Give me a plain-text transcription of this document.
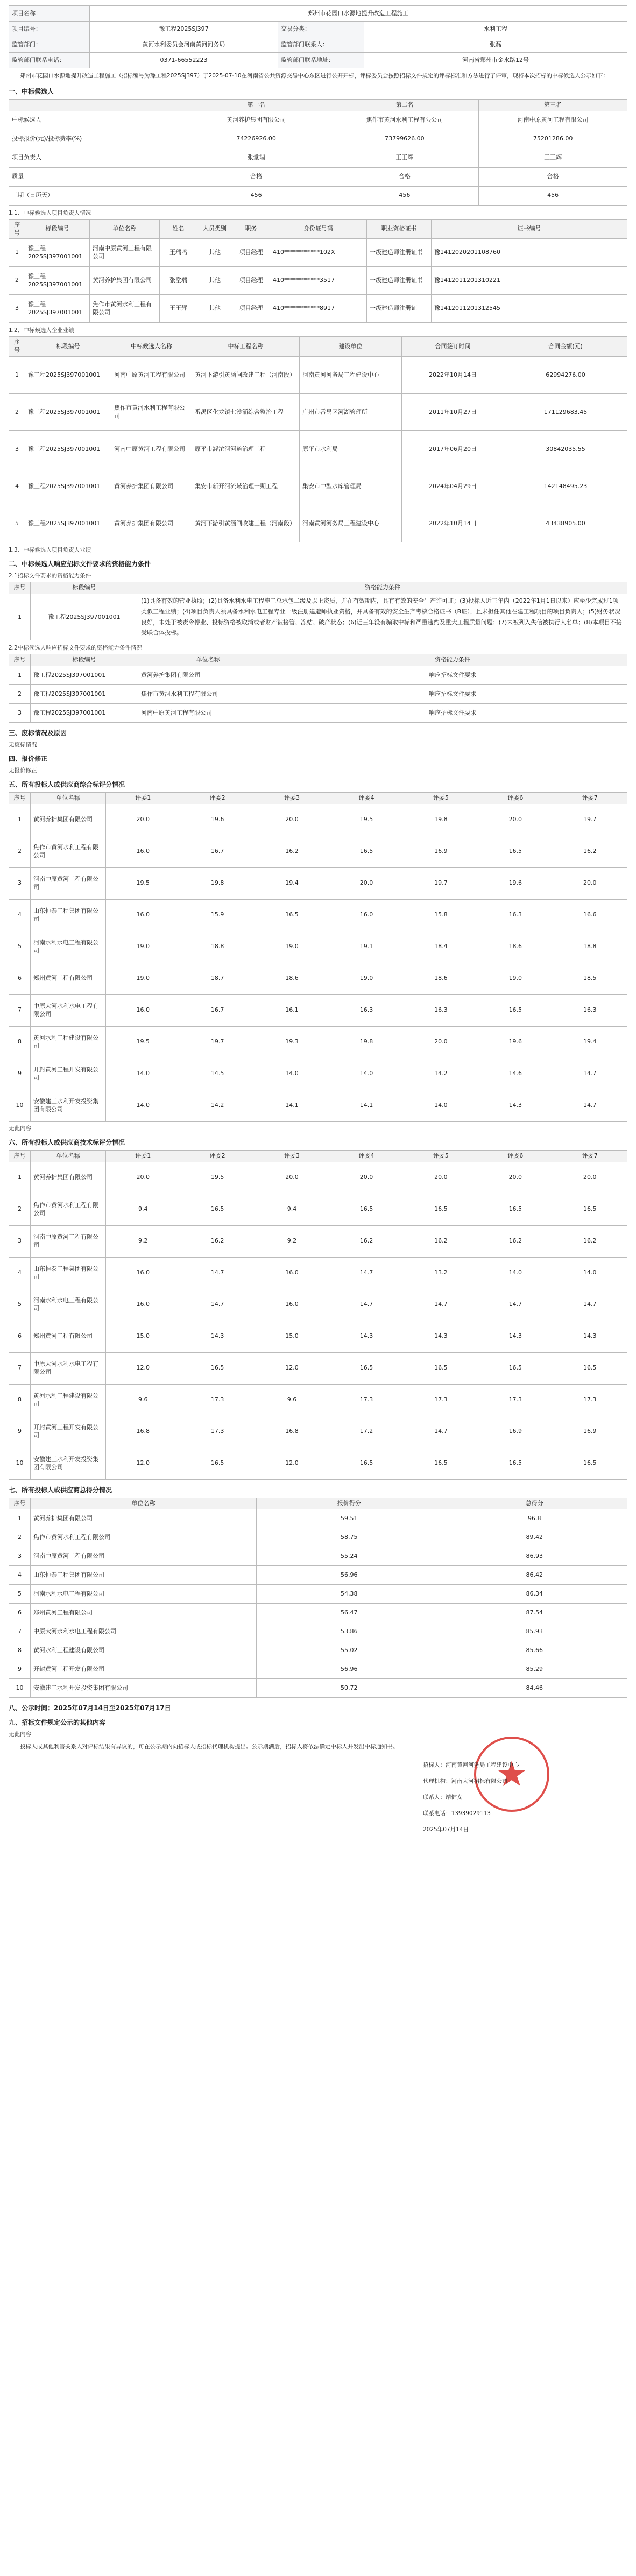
项目名称：	郑州市花园口水源地提升改造工程施工		
项目编号：	豫工程2025SJ397	交易分类：	水利工程
监管部门：	黄河水利委员会河南黄河河务局	监管部门联系人：	张磊
监管部门联系电话：	0371-66552223	监管部门联系地址：	河南省郑州市金水路12号

郑州市花园口水源地提升改造工程施工（招标编号为豫工程2025SJ397）于2025-07-10在河南省公共资源交易中心东区进行公开开标，评标委员会按照招标文件规定的评标标准和方法进行了评审，现将本次招标的中标候选人公示如下：

一、中标候选人
	第一名	第二名	第三名
中标候选人	黄河养护集团有限公司	焦作市黄河水利工程有限公司	河南中原黄河工程有限公司
投标报价(元)/投标费率(%)	74226926.00	73799626.00	75201286.00
项目负责人	张堂瑞	王王辉	王王辉
质量	合格	合格	合格
工期（日历天）	456	456	456
1.1、中标候选人项目负责人情况
序号	标段编号	单位名称	姓名	人员类别	职务	身份证号码	职业资格证书	证书编号
1	豫工程2025SJ397001001	河南中原黄河工程有限公司	王瑞鸣	其他	项目经理	410************102X	一级建造师注册证书	豫1412020201108760
2	豫工程2025SJ397001001	黄河养护集团有限公司	张堂瑞	其他	项目经理	410************3517	一级建造师注册证书	豫1412011201310221
3	豫工程2025SJ397001001	焦作市黄河水利工程有限公司	王王辉	其他	项目经理	410************8917	一级建造师注册证	豫1412011201312545
1.2、中标候选人企业业绩
序号	标段编号	中标候选人名称	中标工程名称	建设单位	合同签订时间	合同金额(元)
1	豫工程2025SJ397001001	河南中原黄河工程有限公司	黄河下游引黄涵闸改建工程（河南段）	河南黄河河务局工程建设中心	2022年10月14日	62994276.00
2	豫工程2025SJ397001001	焦作市黄河水利工程有限公司	番禺区化龙镇七沙涌综合整治工程	广州市番禺区河湖管理所	2011年10月27日	171129683.45
3	豫工程2025SJ397001001	河南中原黄河工程有限公司	原平市滹沱河河道治理工程	原平市水利局	2017年06月20日	30842035.55
4	豫工程2025SJ397001001	黄河养护集团有限公司	集安市新开河流域治理一期工程	集安市中型水库管理局	2024年04月29日	142148495.23
5	豫工程2025SJ397001001	黄河养护集团有限公司	黄河下游引黄涵闸改建工程（河南段）	河南黄河河务局工程建设中心	2022年10月14日	43438905.00
1.3、中标候选人项目负责人业绩
二、中标候选人响应招标文件要求的资格能力条件
2.1招标文件要求的资格能力条件
序号	标段编号	资格能力条件
1	豫工程2025SJ397001001	(1)具备有效的营业执照；(2)具备水利水电工程施工总承包二级及以上资质，并在有效期内，具有有效的安全生产许可证；(3)投标人近三年内（2022年1月1日以来）应至少完成过1项类似工程业绩；(4)项目负责人须具备水利水电工程专业一级注册建造师执业资格，并具备有效的安全生产考核合格证书（B证），且未担任其他在建工程项目的项目负责人；(5)财务状况良好，未处于被责令停业、投标资格被取消或者财产被接管、冻结、破产状态；(6)近三年没有骗取中标和严重违约及重大工程质量问题；(7)未被列入失信被执行人名单；(8)本项目不接受联合体投标。
2.2中标候选人响应招标文件要求的资格能力条件情况
序号	标段编号	单位名称	资格能力条件
1	豫工程2025SJ397001001	黄河养护集团有限公司	响应招标文件要求
2	豫工程2025SJ397001001	焦作市黄河水利工程有限公司	响应招标文件要求
3	豫工程2025SJ397001001	河南中原黄河工程有限公司	响应招标文件要求
三、废标情况及原因
无废标情况
四、报价修正
无报价修正
五、所有投标人或供应商综合标评分情况
序号	单位名称	评委1	评委2	评委3	评委4	评委5	评委6	评委7
1	黄河养护集团有限公司	20.0	19.6	20.0	19.5	19.8	20.0	19.7
2	焦作市黄河水利工程有限公司	16.0	16.7	16.2	16.5	16.9	16.5	16.2
3	河南中原黄河工程有限公司	19.5	19.8	19.4	20.0	19.7	19.6	20.0
4	山东恒泰工程集团有限公司	16.0	15.9	16.5	16.0	15.8	16.3	16.6
5	河南水利水电工程有限公司	19.0	18.8	19.0	19.1	18.4	18.6	18.8
6	郑州黄河工程有限公司	19.0	18.7	18.6	19.0	18.6	19.0	18.5
7	中原大河水利水电工程有限公司	16.0	16.7	16.1	16.3	16.3	16.5	16.3
8	黄河水利工程建设有限公司	19.5	19.7	19.3	19.8	20.0	19.6	19.4
9	开封黄河工程开发有限公司	14.0	14.5	14.0	14.0	14.2	14.6	14.7
10	安徽建工水利开发投资集团有限公司	14.0	14.2	14.1	14.1	14.0	14.3	14.7
无此内容
六、所有投标人或供应商技术标评分情况
序号	单位名称	评委1	评委2	评委3	评委4	评委5	评委6	评委7
1	黄河养护集团有限公司	20.0	19.5	20.0	20.0	20.0	20.0	20.0
2	焦作市黄河水利工程有限公司	9.4	16.5	9.4	16.5	16.5	16.5	16.5
3	河南中原黄河工程有限公司	9.2	16.2	9.2	16.2	16.2	16.2	16.2
4	山东恒泰工程集团有限公司	16.0	14.7	16.0	14.7	13.2	14.0	14.0
5	河南水利水电工程有限公司	16.0	14.7	16.0	14.7	14.7	14.7	14.7
6	郑州黄河工程有限公司	15.0	14.3	15.0	14.3	14.3	14.3	14.3
7	中原大河水利水电工程有限公司	12.0	16.5	12.0	16.5	16.5	16.5	16.5
8	黄河水利工程建设有限公司	9.6	17.3	9.6	17.3	17.3	17.3	17.3
9	开封黄河工程开发有限公司	16.8	17.3	16.8	17.2	14.7	16.9	16.9
10	安徽建工水利开发投资集团有限公司	12.0	16.5	12.0	16.5	16.5	16.5	16.5
七、所有投标人或供应商总得分情况
序号	单位名称	报价得分	总得分
1	黄河养护集团有限公司	59.51	96.8
2	焦作市黄河水利工程有限公司	58.75	89.42
3	河南中原黄河工程有限公司	55.24	86.93
4	山东恒泰工程集团有限公司	56.96	86.42
5	河南水利水电工程有限公司	54.38	86.34
6	郑州黄河工程有限公司	56.47	87.54
7	中原大河水利水电工程有限公司	53.86	85.93
8	黄河水利工程建设有限公司	55.02	85.66
9	开封黄河工程开发有限公司	56.96	85.29
10	安徽建工水利开发投资集团有限公司	50.72	84.46
八、公示时间：2025年07月14日至2025年07月17日
九、招标文件规定公示的其他内容
无此内容

投标人或其他利害关系人对评标结果有异议的，可在公示期内向招标人或招标代理机构提出。公示期满后，招标人将依法确定中标人并发出中标通知书。

招标人：河南黄河河务局工程建设中心
代理机构：河南大河招标有限公司
联系人：靖健女
联系电话：13939029113
2025年07月14日
